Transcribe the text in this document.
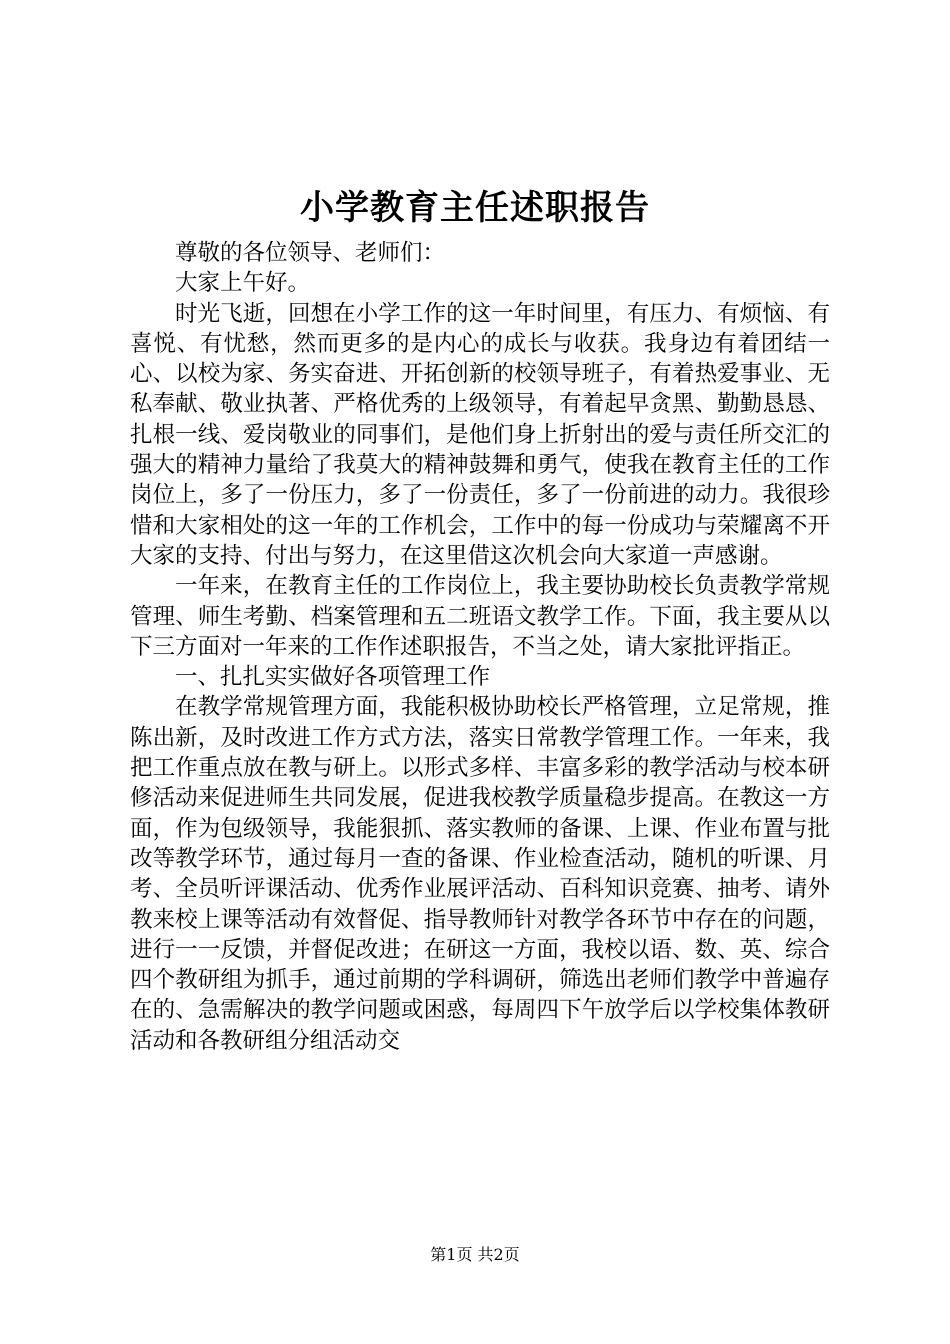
小学教育主任述职报告

尊敬的各位领导、老师们：

大家上午好。

时光飞逝，回想在小学工作的这一年时间里，有压力、有烦恼、有喜悦、有忧愁，然而更多的是内心的成长与收获。我身边有着团结一心、以校为家、务实奋进、开拓创新的校领导班子，有着热爱事业、无私奉献、敬业执著、严格优秀的上级领导，有着起早贪黑、勤勤恳恳、扎根一线、爱岗敬业的同事们，是他们身上折射出的爱与责任所交汇的强大的精神力量给了我莫大的精神鼓舞和勇气，使我在教育主任的工作岗位上，多了一份压力，多了一份责任，多了一份前进的动力。我很珍惜和大家相处的这一年的工作机会，工作中的每一份成功与荣耀离不开大家的支持、付出与努力，在这里借这次机会向大家道一声感谢。

一年来，在教育主任的工作岗位上，我主要协助校长负责教学常规管理、师生考勤、档案管理和五二班语文教学工作。下面，我主要从以下三方面对一年来的工作作述职报告，不当之处，请大家批评指正。

一、扎扎实实做好各项管理工作

在教学常规管理方面，我能积极协助校长严格管理，立足常规，推陈出新，及时改进工作方式方法，落实日常教学管理工作。一年来，我把工作重点放在教与研上。以形式多样、丰富多彩的教学活动与校本研修活动来促进师生共同发展，促进我校教学质量稳步提高。在教这一方面，作为包级领导，我能狠抓、落实教师的备课、上课、作业布置与批改等教学环节，通过每月一查的备课、作业检查活动，随机的听课、月考、全员听评课活动、优秀作业展评活动、百科知识竞赛、抽考、请外教来校上课等活动有效督促、指导教师针对教学各环节中存在的问题，进行一一反馈，并督促改进；在研这一方面，我校以语、数、英、综合四个教研组为抓手，通过前期的学科调研，筛选出老师们教学中普遍存在的、急需解决的教学问题或困惑，每周四下午放学后以学校集体教研活动和各教研组分组活动交

第1页 共2页
